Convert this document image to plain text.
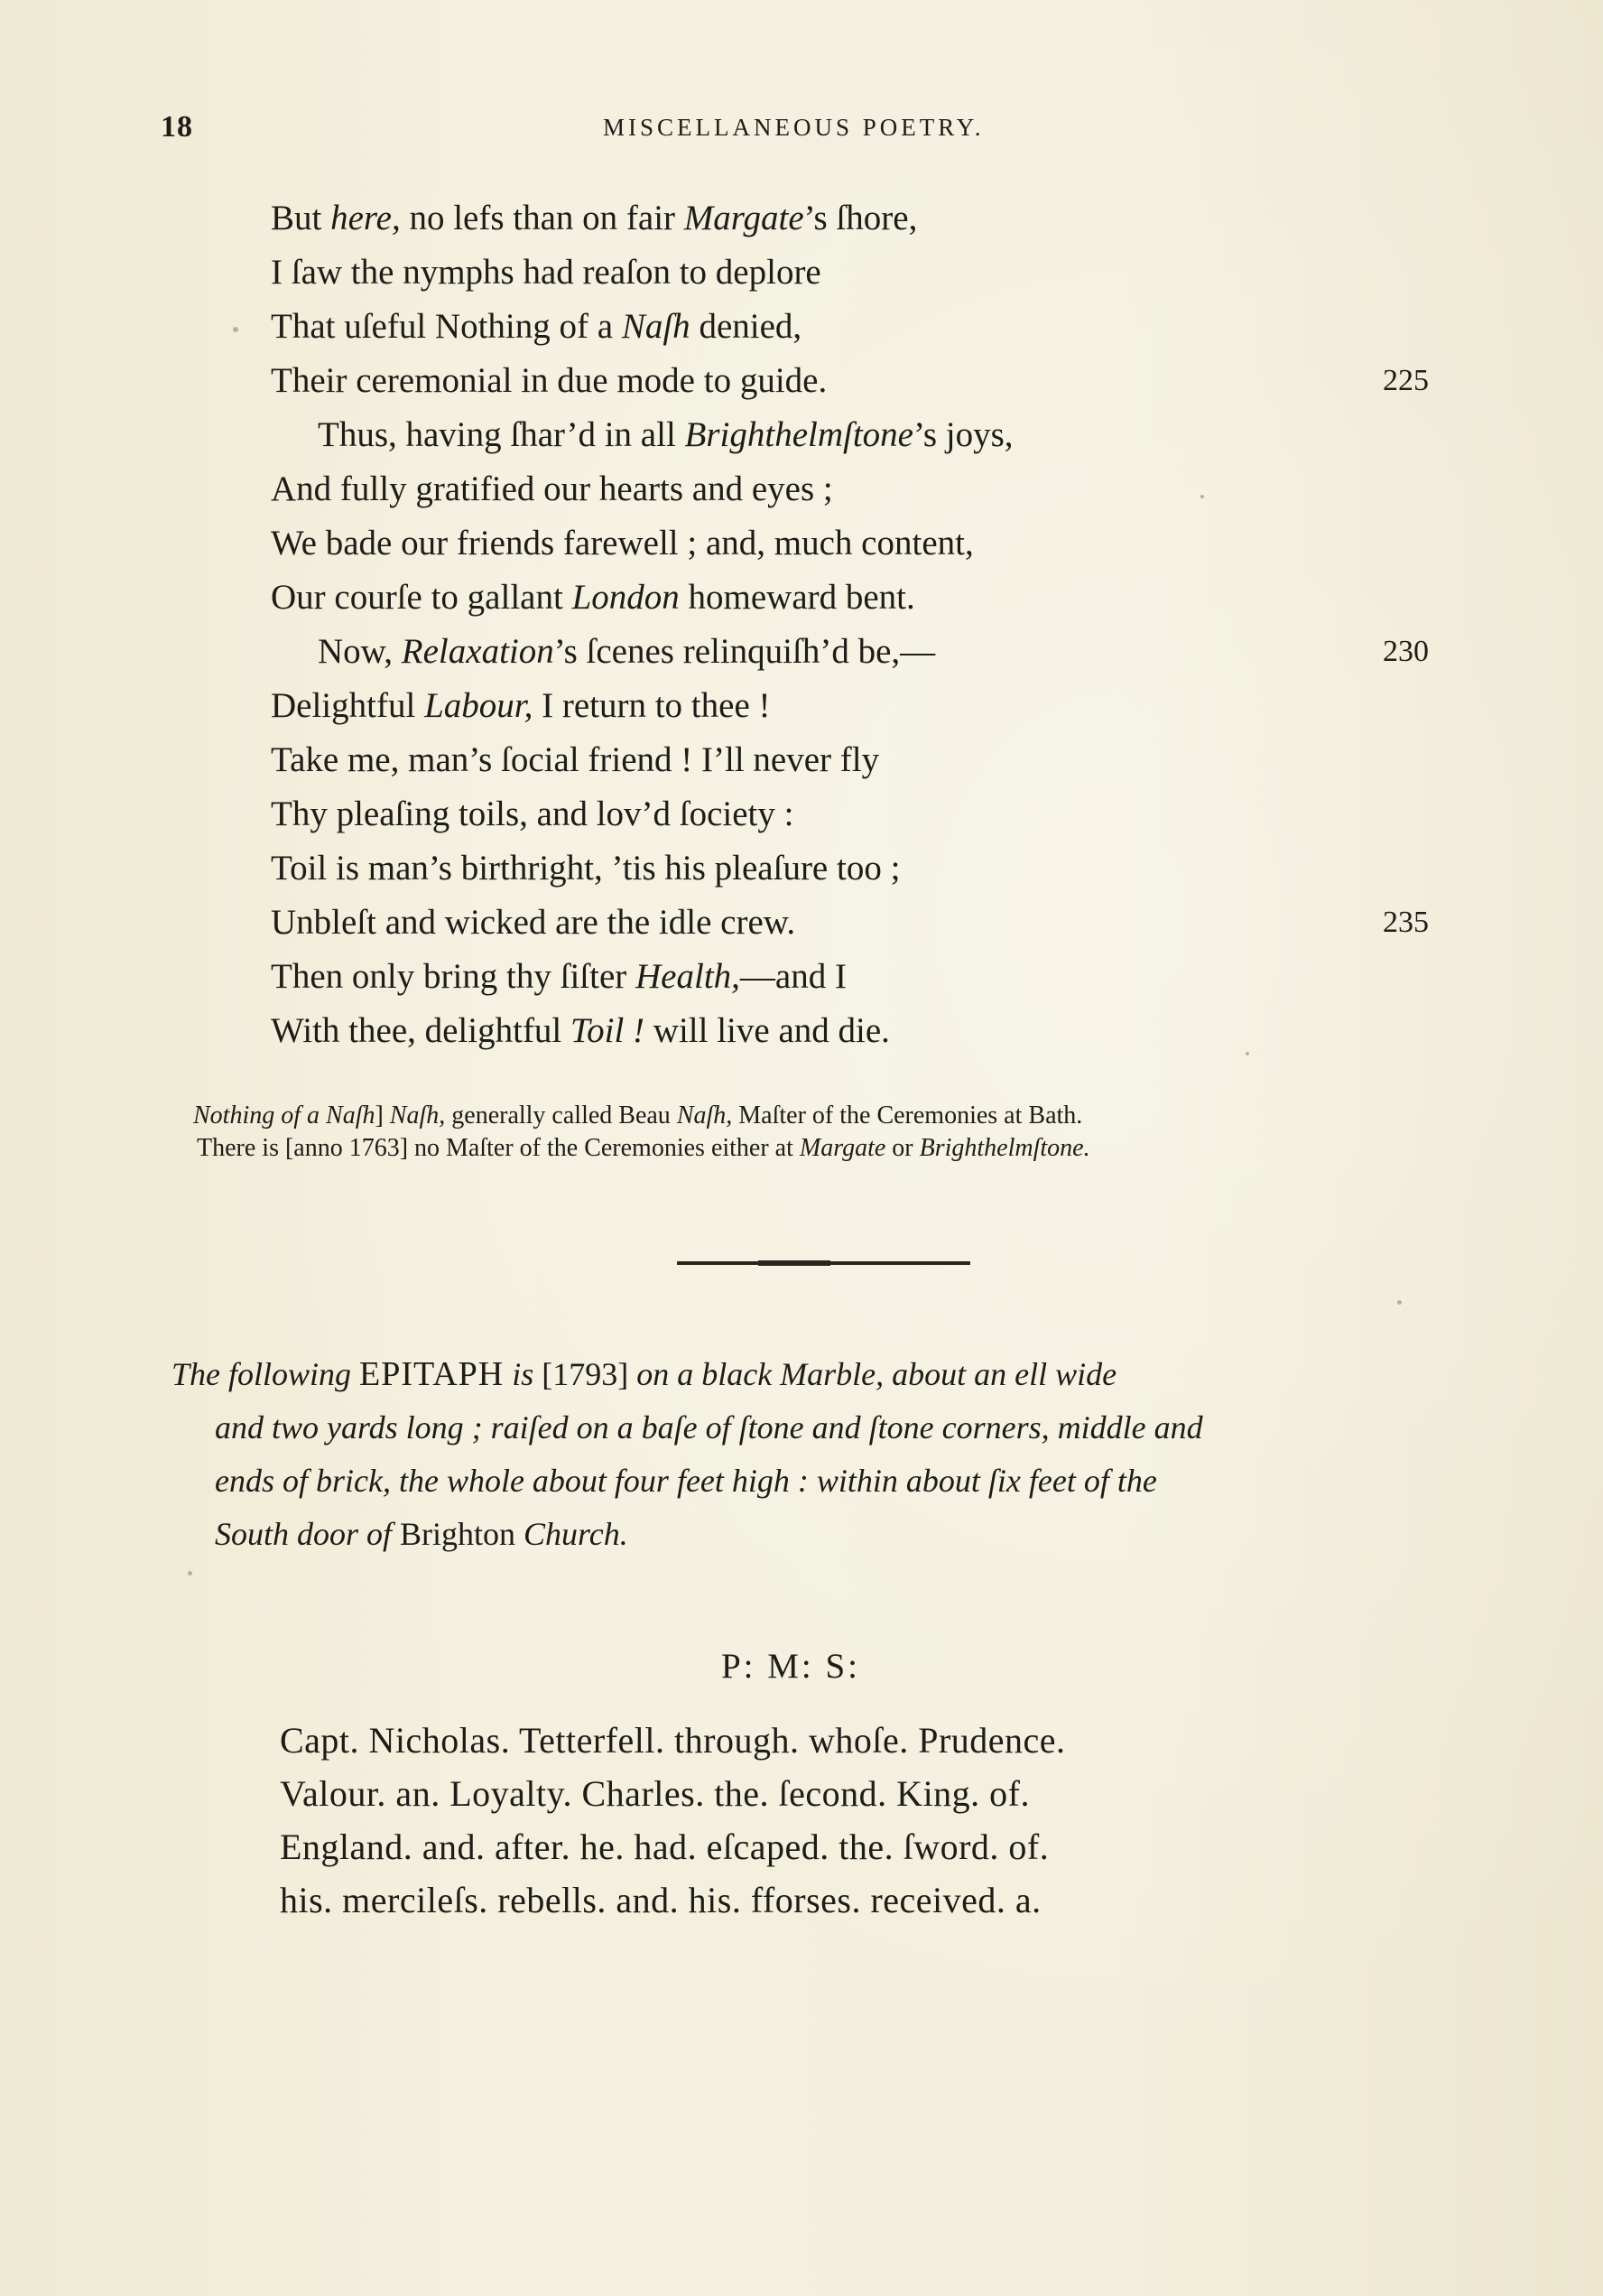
18	MISCELLANEOUS POETRY.
But here, no lefs than on fair Margate’s ſhore,
I ſaw the nymphs had reaſon to deplore
That uſeful Nothing of a Naſh denied,
Their ceremonial in due mode to guide.	225
Thus, having ſhar’d in all Brighthelmſtone’s joys,
And fully gratified our hearts and eyes ;
We bade our friends farewell ; and, much content,
Our courſe to gallant London homeward bent.
Now, Relaxation’s ſcenes relinquiſh’d be,—	230
Delightful Labour, I return to thee !
Take me, man’s ſocial friend ! I’ll never fly
Thy pleaſing toils, and lov’d ſociety :
Toil is man’s birthright, ’tis his pleaſure too ;
Unbleſt and wicked are the idle crew.	235
Then only bring thy ſiſter Health,—and I
With thee, delightful Toil ! will live and die.
Nothing of a Naſh] Naſh, generally called Beau Naſh, Maſter of the Ceremonies at Bath.
There is [anno 1763] no Maſter of the Ceremonies either at Margate or Brighthelmſtone.
The following EPITAPH is [1793] on a black Marble, about an ell wide
and two yards long ; raiſed on a baſe of ſtone and ſtone corners, middle and
ends of brick, the whole about four feet high : within about ſix feet of the
South door of Brighton Church.
P: M: S:
Capt. Nicholas. Tetterfell. through. whoſe. Prudence.
Valour. an. Loyalty. Charles. the. ſecond. King. of.
England. and. after. he. had. eſcaped. the. ſword. of.
his. mercileſs. rebells. and. his. fforses. received. a.
